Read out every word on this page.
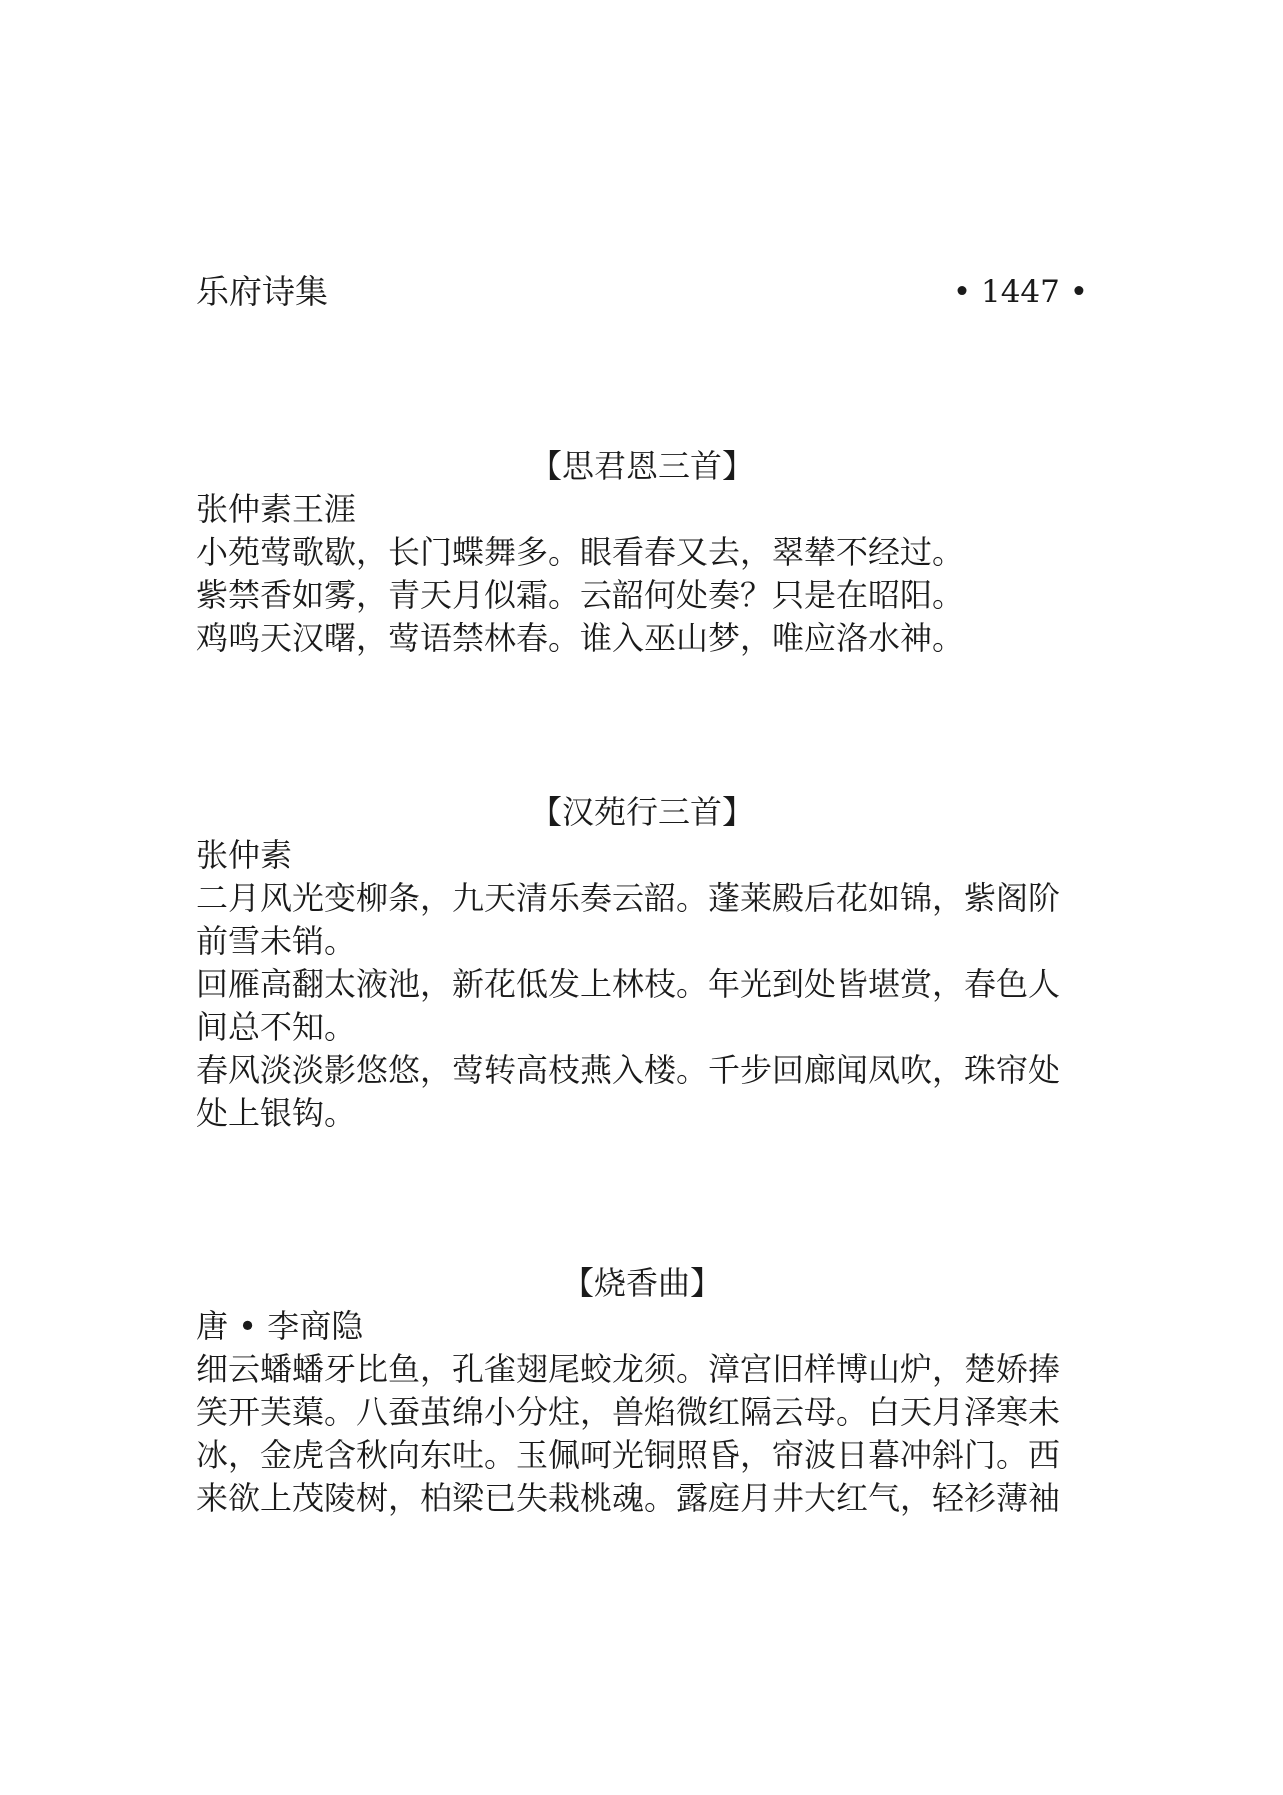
乐府诗集	• 1447 •
【思君恩三首】
张仲素王涯
小苑莺歌歇，长门蝶舞多。眼看春又去，翠辇不经过。
紫禁香如雾，青天月似霜。云韶何处奏？只是在昭阳。
鸡鸣天汉曙，莺语禁林春。谁入巫山梦，唯应洛水神。
【汉苑行三首】
张仲素
二月风光变柳条，九天清乐奏云韶。蓬莱殿后花如锦，紫阁阶
前雪未销。
回雁高翻太液池，新花低发上林枝。年光到处皆堪赏，春色人
间总不知。
春风淡淡影悠悠，莺转高枝燕入楼。千步回廊闻凤吹，珠帘处
处上银钩。
【烧香曲】
唐 • 李商隐
细云蟠蟠牙比鱼，孔雀翅尾蛟龙须。漳宫旧样博山炉，楚娇捧
笑开芙蕖。八蚕茧绵小分炷，兽焰微红隔云母。白天月泽寒未
冰，金虎含秋向东吐。玉佩呵光铜照昏，帘波日暮冲斜门。西
来欲上茂陵树，柏梁已失栽桃魂。露庭月井大红气，轻衫薄袖
